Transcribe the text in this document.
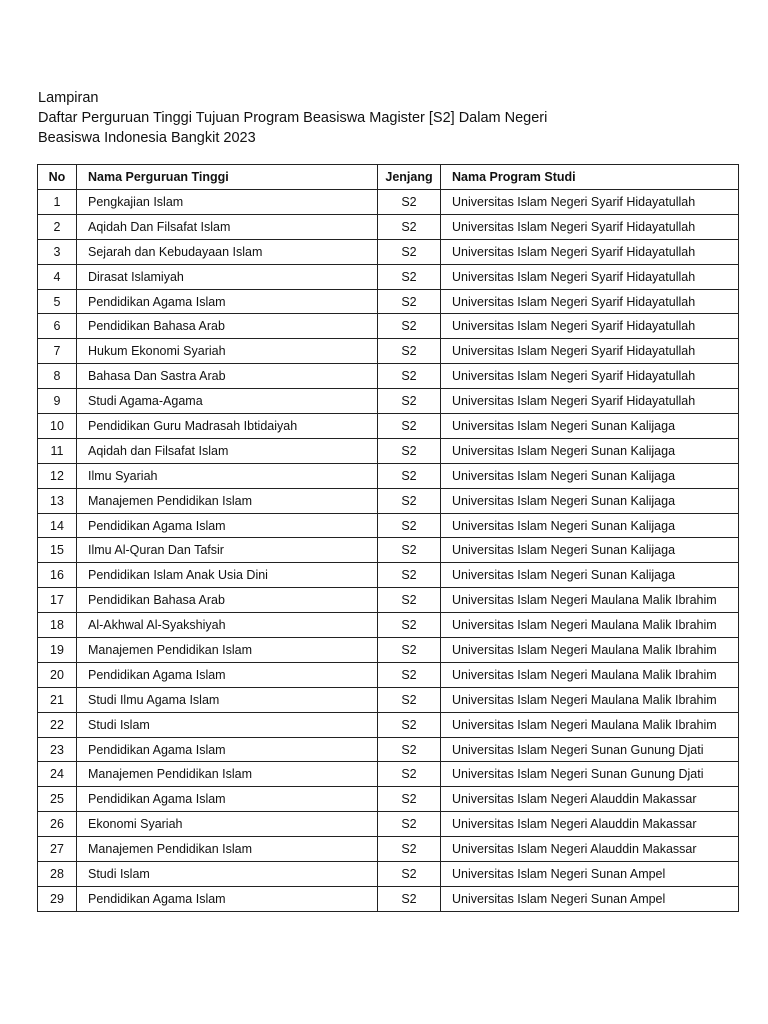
Lampiran
Daftar Perguruan Tinggi Tujuan Program Beasiswa Magister [S2] Dalam Negeri
Beasiswa Indonesia Bangkit 2023
No	Nama Perguruan Tinggi	Jenjang	Nama Program Studi
1	Pengkajian Islam	S2	Universitas Islam Negeri Syarif Hidayatullah
2	Aqidah Dan Filsafat Islam	S2	Universitas Islam Negeri Syarif Hidayatullah
3	Sejarah dan Kebudayaan Islam	S2	Universitas Islam Negeri Syarif Hidayatullah
4	Dirasat Islamiyah	S2	Universitas Islam Negeri Syarif Hidayatullah
5	Pendidikan Agama Islam	S2	Universitas Islam Negeri Syarif Hidayatullah
6	Pendidikan Bahasa Arab	S2	Universitas Islam Negeri Syarif Hidayatullah
7	Hukum Ekonomi Syariah	S2	Universitas Islam Negeri Syarif Hidayatullah
8	Bahasa Dan Sastra Arab	S2	Universitas Islam Negeri Syarif Hidayatullah
9	Studi Agama-Agama	S2	Universitas Islam Negeri Syarif Hidayatullah
10	Pendidikan Guru Madrasah Ibtidaiyah	S2	Universitas Islam Negeri Sunan Kalijaga
11	Aqidah dan Filsafat Islam	S2	Universitas Islam Negeri Sunan Kalijaga
12	Ilmu Syariah	S2	Universitas Islam Negeri Sunan Kalijaga
13	Manajemen Pendidikan Islam	S2	Universitas Islam Negeri Sunan Kalijaga
14	Pendidikan Agama Islam	S2	Universitas Islam Negeri Sunan Kalijaga
15	Ilmu Al-Quran Dan Tafsir	S2	Universitas Islam Negeri Sunan Kalijaga
16	Pendidikan Islam Anak Usia Dini	S2	Universitas Islam Negeri Sunan Kalijaga
17	Pendidikan Bahasa Arab	S2	Universitas Islam Negeri Maulana Malik Ibrahim
18	Al-Akhwal Al-Syakshiyah	S2	Universitas Islam Negeri Maulana Malik Ibrahim
19	Manajemen Pendidikan Islam	S2	Universitas Islam Negeri Maulana Malik Ibrahim
20	Pendidikan Agama Islam	S2	Universitas Islam Negeri Maulana Malik Ibrahim
21	Studi Ilmu Agama Islam	S2	Universitas Islam Negeri Maulana Malik Ibrahim
22	Studi Islam	S2	Universitas Islam Negeri Maulana Malik Ibrahim
23	Pendidikan Agama Islam	S2	Universitas Islam Negeri Sunan Gunung Djati
24	Manajemen Pendidikan Islam	S2	Universitas Islam Negeri Sunan Gunung Djati
25	Pendidikan Agama Islam	S2	Universitas Islam Negeri Alauddin Makassar
26	Ekonomi Syariah	S2	Universitas Islam Negeri Alauddin Makassar
27	Manajemen Pendidikan Islam	S2	Universitas Islam Negeri Alauddin Makassar
28	Studi Islam	S2	Universitas Islam Negeri Sunan Ampel
29	Pendidikan Agama Islam	S2	Universitas Islam Negeri Sunan Ampel
